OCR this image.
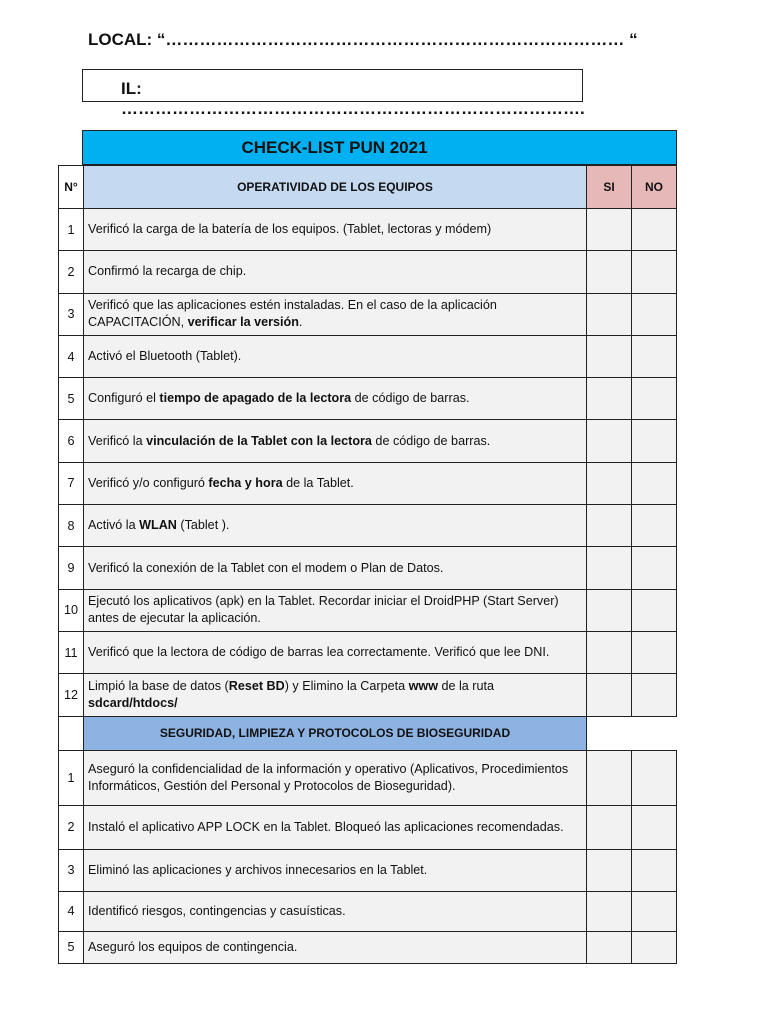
LOCAL: “……………………………………………………………………… “
IL: ……………………………………………………………………….
CHECK-LIST PUN 2021
N°	OPERATIVIDAD DE LOS EQUIPOS	SI	NO
1	Verificó la carga de la batería de los equipos. (Tablet, lectoras y módem)		
2	Confirmó la recarga de chip.		
3	Verificó que las aplicaciones estén instaladas. En el caso de la aplicación CAPACITACIÓN, verificar la versión.		
4	Activó el Bluetooth (Tablet).		
5	Configuró el tiempo de apagado de la lectora de código de barras.		
6	Verificó la vinculación de la Tablet con la lectora de código de barras.		
7	Verificó y/o configuró fecha y hora de la Tablet.		
8	Activó la WLAN (Tablet ).		
9	Verificó la conexión de la Tablet con el modem o Plan de Datos.		
10	Ejecutó los aplicativos (apk) en la Tablet. Recordar iniciar el DroidPHP (Start Server) antes de ejecutar la aplicación.		
11	Verificó que la lectora de código de barras lea correctamente. Verificó que lee DNI.		
12	Limpió la base de datos (Reset BD) y Elimino la Carpeta www de la ruta sdcard/htdocs/		
	SEGURIDAD, LIMPIEZA Y PROTOCOLOS DE BIOSEGURIDAD		
1	Aseguró la confidencialidad de la información y operativo (Aplicativos, Procedimientos Informáticos, Gestión del Personal y Protocolos de Bioseguridad).		
2	Instaló el aplicativo APP LOCK en la Tablet. Bloqueó las aplicaciones recomendadas.		
3	Eliminó las aplicaciones y archivos innecesarios en la Tablet.		
4	Identificó riesgos, contingencias y casuísticas.		
5	Aseguró los equipos de contingencia.		
